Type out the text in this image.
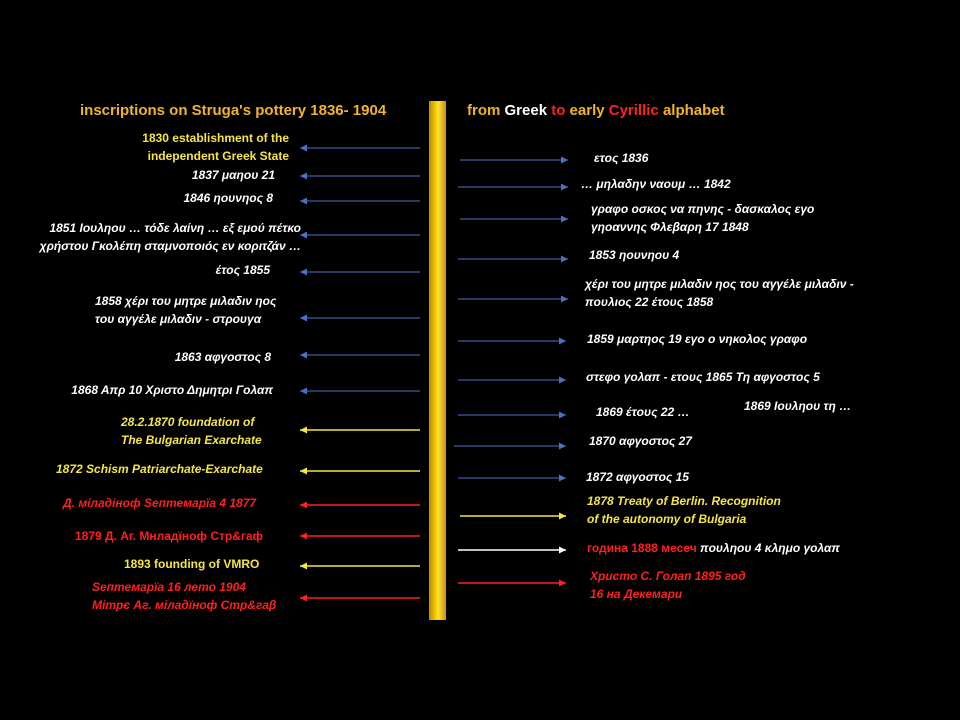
inscriptions on Struga's pottery 1836- 1904	from Greek to early Cyrillic alphabet
1830 establishment of the
independent Greek State
1837 μαηου 21
1846 ηουνηος 8
1851 Ιουληου … τόδε λαίνη … εξ εμού πέτκο
χρήστου Γκολέπη σταμνοποιός εν κοριτζάν …
έτος 1855
1858 χέρι του μητρε μιλαδιν ηος
του αγγέλε μιλαδιν - στρουγα
1863 αφγοστος 8
1868 Απρ 10 Χριστο Δημητρι Γολαπ
28.2.1870 foundation of
The Bulgarian Exarchate
1872 Schism Patriarchate-Exarchate
Д. міладіноф Sептемарїа 4 1877
1879 Д. Аг. Мнладїноф Стр&гаф
1893 founding of VMRO
Sептемарїа 16 лето 1904
Мітрє Аг. міладїноф Стр&гаβ
ετος 1836
… μηλαδην ναουμ … 1842
γραφο οσκος να πηνης - δασκαλος εγο
γηοαννης Φλεβαρη 17 1848
1853 ηουνηου 4
χέρι του μητρε μιλαδιν ηος του αγγέλε μιλαδιν -
πουλιος 22 έτους 1858
1859 μαρτηος 19 εγο ο νηκολος γραφο
στεφο γολαπ - ετους 1865 Τη αφγοστος 5
1869 έτους 22 …	1869 Ιουληου τη …
1870 αφγοστος 27
1872 αφγοστος 15
1878 Treaty of Berlin. Recognition
of the autonomy of Bulgaria
година 1888 месеч πουληου 4 κλημο γολαπ
Христо С. Голап 1895 год
16 на Декемари
